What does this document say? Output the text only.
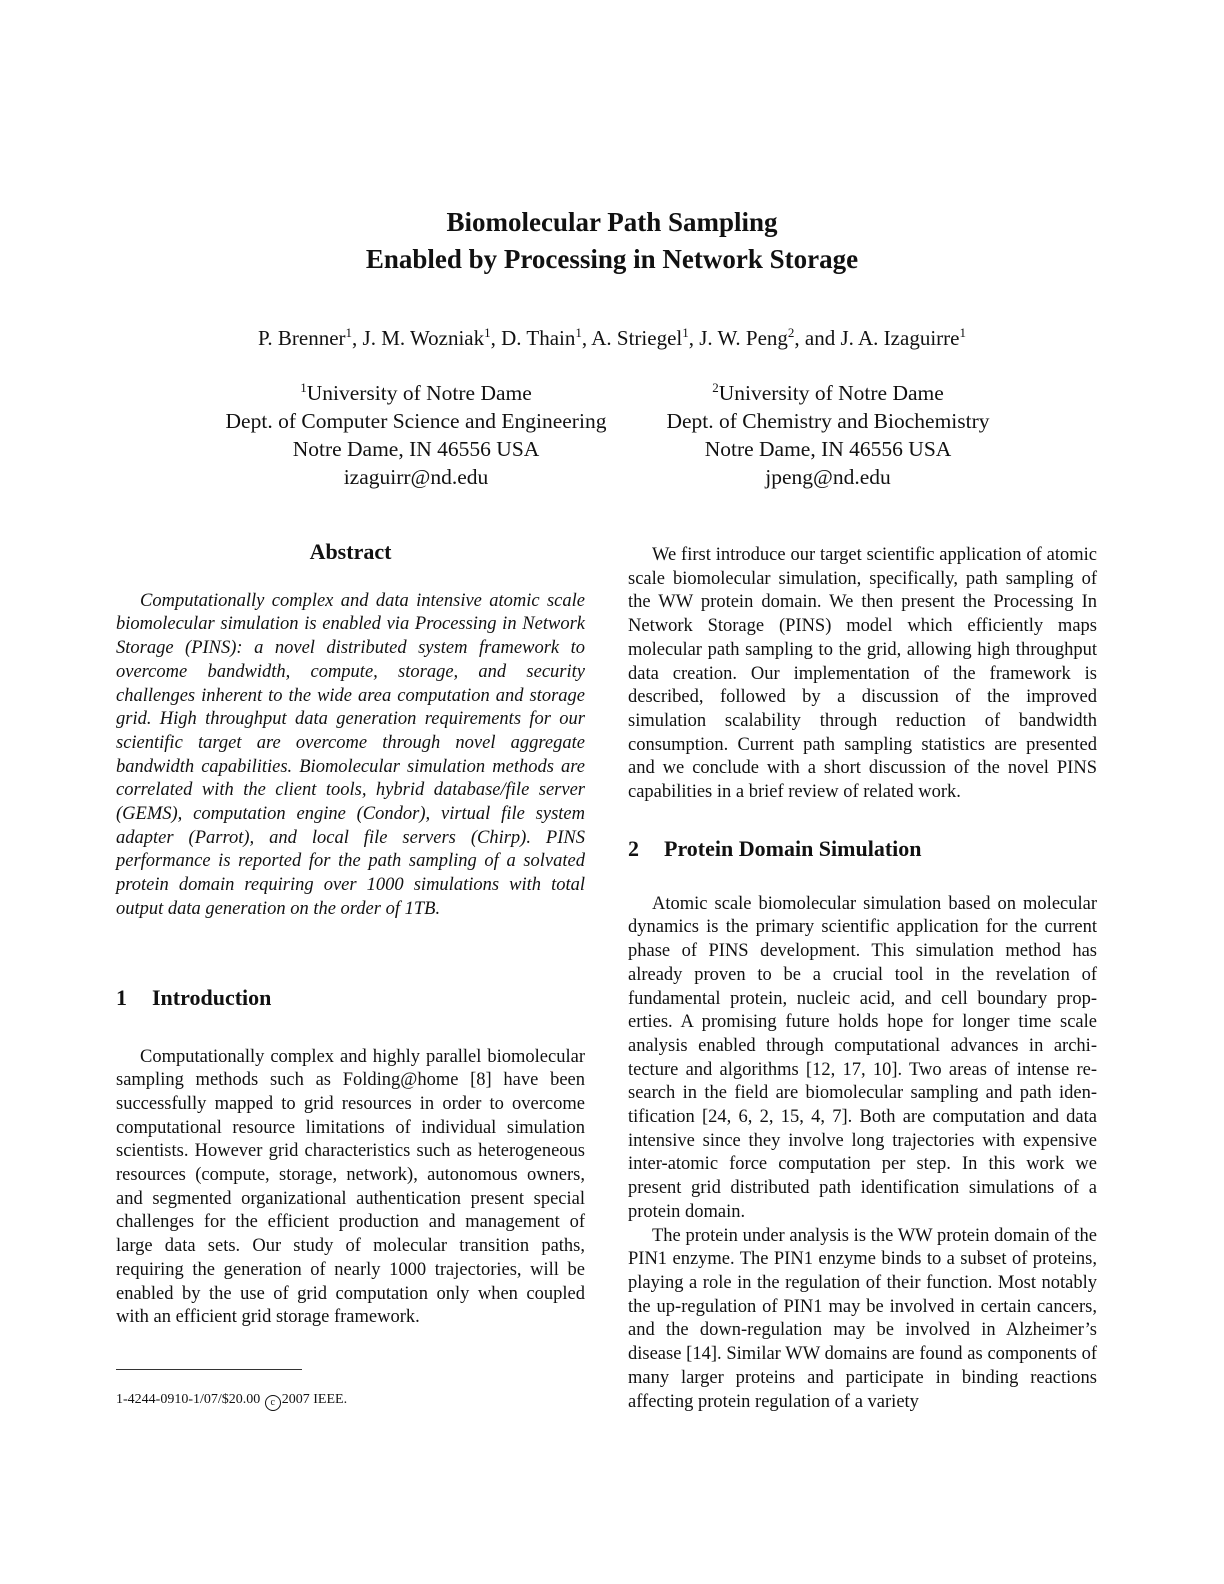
Biomolecular Path Sampling
Enabled by Processing in Network Storage
P. Brenner$^1$, J. M. Wozniak$^1$, D. Thain$^1$, A. Striegel$^1$, J. W. Peng$^2$, and J. A. Izaguirre$^1$
$^1$University of Notre Dame
Dept. of Computer Science and Engineering
Notre Dame, IN 46556 USA
izaguirr@nd.edu
$^2$University of Notre Dame
Dept. of Chemistry and Biochemistry
Notre Dame, IN 46556 USA
jpeng@nd.edu
Abstract

Computationally complex and data intensive atomic scale biomolecular simulation is enabled via Processing in Network Storage (PINS): a novel distributed system framework to overcome bandwidth, compute, storage, and security challenges inherent to the wide area computation and storage grid. High throughput data generation requirements for our scientific target are overcome through novel aggregate bandwidth capabilities. Biomolecular simulation methods are correlated with the client tools, hybrid database/file server (GEMS), computation engine (Condor), virtual file system adapter (Parrot), and local file servers (Chirp). PINS performance is reported for the path sampling of a solvated protein domain requiring over 1000 simulations with total output data generation on the order of 1TB.

1 Introduction

Computationally complex and highly parallel biomolecular sampling methods such as Folding@home [8] have been successfully mapped to grid resources in order to overcome computational resource limitations of individual simulation scientists. However grid characteristics such as heterogeneous resources (compute, storage, network), autonomous owners, and segmented organizational authentication present special challenges for the efficient production and management of large data sets. Our study of molecular transition paths, requiring the generation of nearly 1000 trajectories, will be enabled by the use of grid computation only when coupled with an efficient grid storage framework.

We first introduce our target scientific application of atomic scale biomolecular simulation, specifically, path sampling of the WW protein domain. We then present the Processing In Network Storage (PINS) model which efficiently maps molecular path sampling to the grid, allowing high throughput data creation. Our implementation of the framework is described, followed by a discussion of the improved simulation scalability through reduction of bandwidth consumption. Current path sampling statistics are presented and we conclude with a short discussion of the novel PINS capabilities in a brief review of related work.

2 Protein Domain Simulation

Atomic scale biomolecular simulation based on molecular dynamics is the primary scientific application for the current phase of PINS development. This simulation method has already proven to be a crucial tool in the revelation of fundamental protein, nucleic acid, and cell boundary properties. A promising future holds hope for longer time scale analysis enabled through computational advances in architecture and algorithms [12, 17, 10]. Two areas of intense research in the field are biomolecular sampling and path identification [24, 6, 2, 15, 4, 7]. Both are computation and data intensive since they involve long trajectories with expensive inter-atomic force computation per step. In this work we present grid distributed path identification simulations of a protein domain.

The protein under analysis is the WW protein domain of the PIN1 enzyme. The PIN1 enzyme binds to a subset of proteins, playing a role in the regulation of their function. Most notably the up-regulation of PIN1 may be involved in certain cancers, and the down-regulation may be involved in Alzheimer’s disease [14]. Similar WW domains are found as components of many larger proteins and participate in binding reactions affecting protein regulation of a variety

1-4244-0910-1/07/$20.00 c 2007 IEEE.
